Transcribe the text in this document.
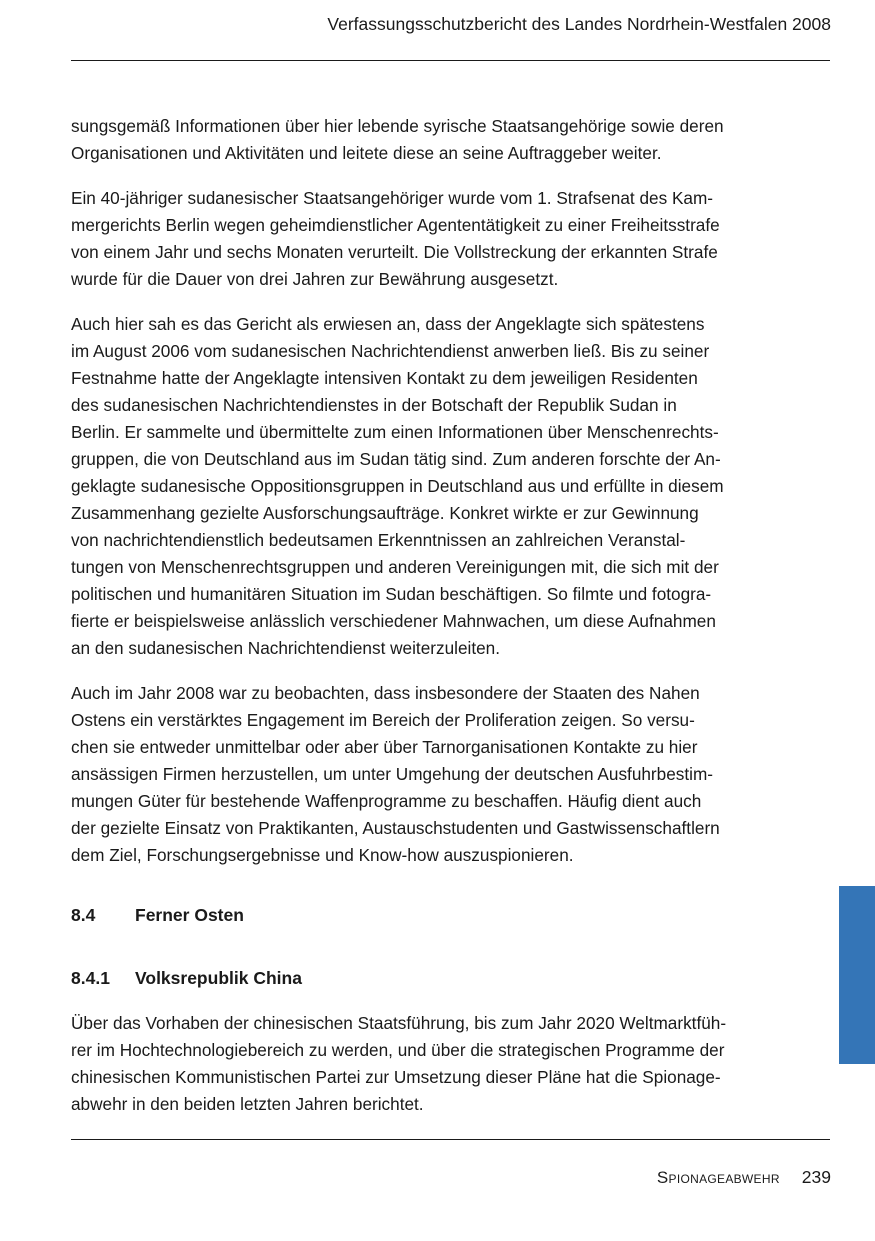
Verfassungsschutzbericht des Landes Nordrhein-Westfalen 2008

sungsgemäß Informationen über hier lebende syrische Staatsangehörige sowie deren
Organisationen und Aktivitäten und leitete diese an seine Auftraggeber weiter.

Ein 40-jähriger sudanesischer Staatsangehöriger wurde vom 1. Strafsenat des Kam-
mergerichts Berlin wegen geheimdienstlicher Agententätigkeit zu einer Freiheitsstrafe
von einem Jahr und sechs Monaten verurteilt. Die Vollstreckung der erkannten Strafe
wurde für die Dauer von drei Jahren zur Bewährung ausgesetzt.

Auch hier sah es das Gericht als erwiesen an, dass der Angeklagte sich spätestens
im August 2006 vom sudanesischen Nachrichtendienst anwerben ließ. Bis zu seiner
Festnahme hatte der Angeklagte intensiven Kontakt zu dem jeweiligen Residenten
des sudanesischen Nachrichtendienstes in der Botschaft der Republik Sudan in
Berlin. Er sammelte und übermittelte zum einen Informationen über Menschenrechts-
gruppen, die von Deutschland aus im Sudan tätig sind. Zum anderen forschte der An-
geklagte sudanesische Oppositionsgruppen in Deutschland aus und erfüllte in diesem
Zusammenhang gezielte Ausforschungsaufträge. Konkret wirkte er zur Gewinnung
von nachrichtendienstlich bedeutsamen Erkenntnissen an zahlreichen Veranstal-
tungen von Menschenrechtsgruppen und anderen Vereinigungen mit, die sich mit der
politischen und humanitären Situation im Sudan beschäftigen. So filmte und fotogra-
fierte er beispielsweise anlässlich verschiedener Mahnwachen, um diese Aufnahmen
an den sudanesischen Nachrichtendienst weiterzuleiten.

Auch im Jahr 2008 war zu beobachten, dass insbesondere der Staaten des Nahen
Ostens ein verstärktes Engagement im Bereich der Proliferation zeigen. So versu-
chen sie entweder unmittelbar oder aber über Tarnorganisationen Kontakte zu hier
ansässigen Firmen herzustellen, um unter Umgehung der deutschen Ausfuhrbestim-
mungen Güter für bestehende Waffenprogramme zu beschaffen. Häufig dient auch
der gezielte Einsatz von Praktikanten, Austauschstudenten und Gastwissenschaftlern
dem Ziel, Forschungsergebnisse und Know-how auszuspionieren.

8.4 Ferner Osten
8.4.1 Volksrepublik China

Über das Vorhaben der chinesischen Staatsführung, bis zum Jahr 2020 Weltmarktfüh-
rer im Hochtechnologiebereich zu werden, und über die strategischen Programme der
chinesischen Kommunistischen Partei zur Umsetzung dieser Pläne hat die Spionage-
abwehr in den beiden letzten Jahren berichtet.

Spionageabwehr 239
